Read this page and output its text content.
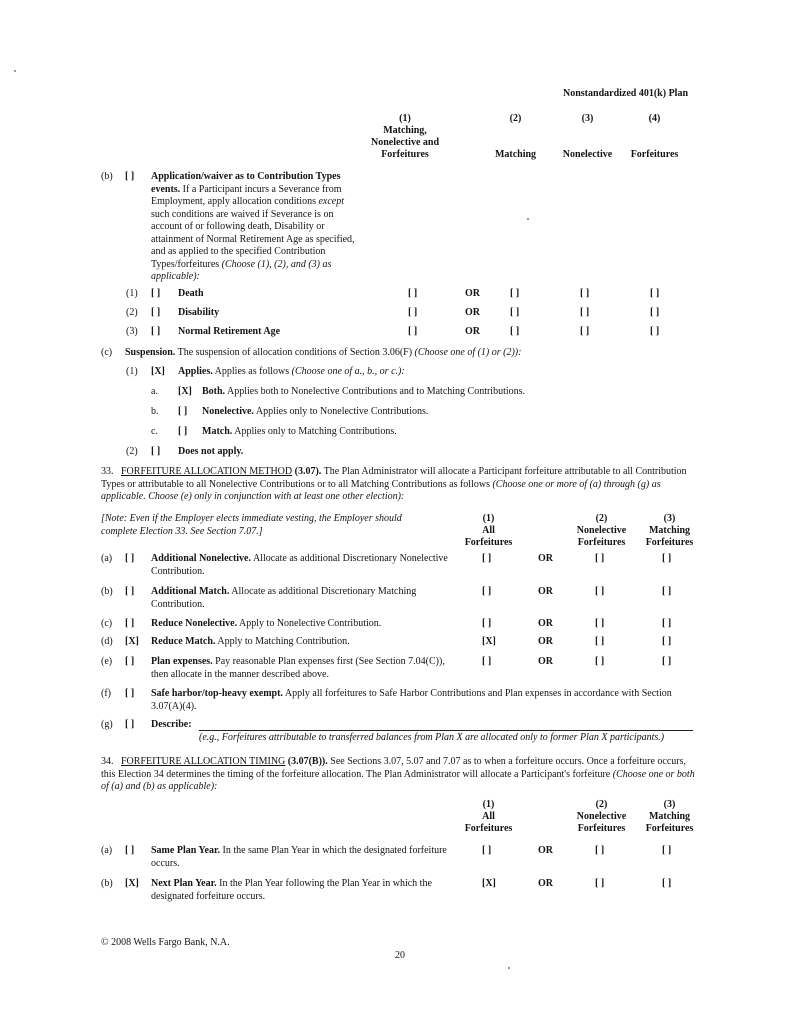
Nonstandardized 401(k) Plan
(1)
Matching, Nonelective and Forfeitures
(2)
Matching
(3)
Nonelective
(4)
Forfeitures
(b) [ ] Application/waiver as to Contribution Types events. If a Participant incurs a Severance from Employment, apply allocation conditions except such conditions are waived if Severance is on account of or following death, Disability or attainment of Normal Retirement Age as specified, and as applied to the specified Contribution Types/forfeitures (Choose (1), (2), and (3) as applicable):
(1) [ ] Death	[ ]	OR	[ ]	[ ]	[ ]
(2) [ ] Disability	[ ]	OR	[ ]	[ ]	[ ]
(3) [ ] Normal Retirement Age	[ ]	OR	[ ]	[ ]	[ ]
(c) Suspension. The suspension of allocation conditions of Section 3.06(F) (Choose one of (1) or (2)):
(1) [X] Applies. Applies as follows (Choose one of a., b., or c.):
a. [X] Both. Applies both to Nonelective Contributions and to Matching Contributions.
b. [ ] Nonelective. Applies only to Nonelective Contributions.
c. [ ] Match. Applies only to Matching Contributions.
(2) [ ] Does not apply.
33. FORFEITURE ALLOCATION METHOD (3.07). The Plan Administrator will allocate a Participant forfeiture attributable to all Contribution Types or attributable to all Nonelective Contributions or to all Matching Contributions as follows (Choose one or more of (a) through (g) as applicable. Choose (e) only in conjunction with at least one other election):
[Note: Even if the Employer elects immediate vesting, the Employer should complete Election 33. See Section 7.07.]
(1)
All Forfeitures
(2)
Nonelective Forfeitures
(3)
Matching Forfeitures
(a) [ ] Additional Nonelective. Allocate as additional Discretionary Nonelective Contribution.
[ ]	OR	[ ]	[ ]
(b) [ ] Additional Match. Allocate as additional Discretionary Matching Contribution.
[ ]	OR	[ ]	[ ]
(c) [ ] Reduce Nonelective. Apply to Nonelective Contribution.	[ ]	OR	[ ]	[ ]
(d) [X] Reduce Match. Apply to Matching Contribution.	[X]	OR	[ ]	[ ]
(e) [ ] Plan expenses. Pay reasonable Plan expenses first (See Section 7.04(C)), then allocate in the manner described above.
[ ]	OR	[ ]	[ ]
(f) [ ] Safe harbor/top-heavy exempt. Apply all forfeitures to Safe Harbor Contributions and Plan expenses in accordance with Section 3.07(A)(4).
(g) [ ] Describe:
(e.g., Forfeitures attributable to transferred balances from Plan X are allocated only to former Plan X participants.)
34. FORFEITURE ALLOCATION TIMING (3.07(B)). See Sections 3.07, 5.07 and 7.07 as to when a forfeiture occurs. Once a forfeiture occurs, this Election 34 determines the timing of the forfeiture allocation. The Plan Administrator will allocate a Participant's forfeiture (Choose one or both of (a) and (b) as applicable):
(1)
All Forfeitures
(2)
Nonelective Forfeitures
(3)
Matching Forfeitures
(a) [ ] Same Plan Year. In the same Plan Year in which the designated forfeiture occurs.
[ ]	OR	[ ]	[ ]
(b) [X] Next Plan Year. In the Plan Year following the Plan Year in which the designated forfeiture occurs.
[X]	OR	[ ]	[ ]
© 2008 Wells Fargo Bank, N.A.
20
